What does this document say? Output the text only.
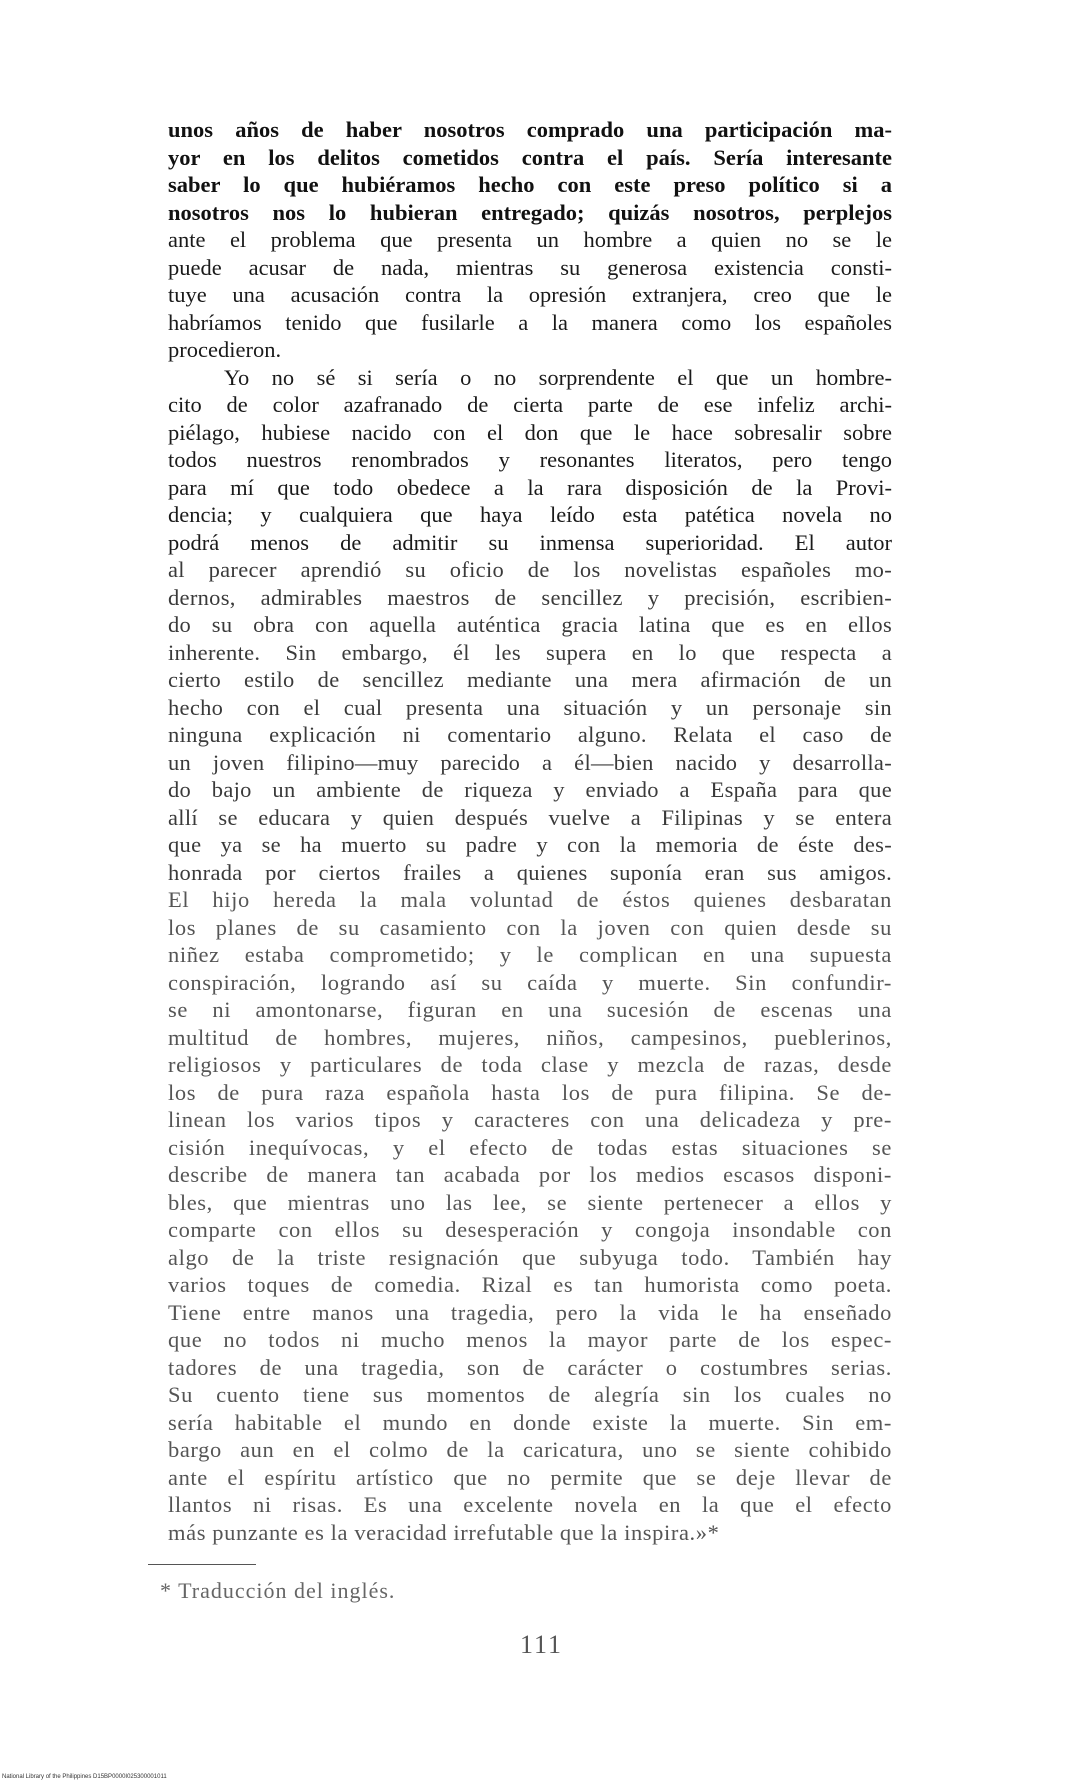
unos años de haber nosotros comprado una participación ma-
yor en los delitos cometidos contra el país. Sería interesante
saber lo que hubiéramos hecho con este preso político si a
nosotros nos lo hubieran entregado; quizás nosotros, perplejos
ante el problema que presenta un hombre a quien no se le
puede acusar de nada, mientras su generosa existencia consti-
tuye una acusación contra la opresión extranjera, creo que le
habríamos tenido que fusilarle a la manera como los españoles
procedieron.
Yo no sé si sería o no sorprendente el que un hombre-
cito de color azafranado de cierta parte de ese infeliz archi-
piélago, hubiese nacido con el don que le hace sobresalir sobre
todos nuestros renombrados y resonantes literatos, pero tengo
para mí que todo obedece a la rara disposición de la Provi-
dencia; y cualquiera que haya leído esta patética novela no
podrá menos de admitir su inmensa superioridad. El autor
al parecer aprendió su oficio de los novelistas españoles mo-
dernos, admirables maestros de sencillez y precisión, escribien-
do su obra con aquella auténtica gracia latina que es en ellos
inherente. Sin embargo, él les supera en lo que respecta a
cierto estilo de sencillez mediante una mera afirmación de un
hecho con el cual presenta una situación y un personaje sin
ninguna explicación ni comentario alguno. Relata el caso de
un joven filipino—muy parecido a él—bien nacido y desarrolla-
do bajo un ambiente de riqueza y enviado a España para que
allí se educara y quien después vuelve a Filipinas y se entera
que ya se ha muerto su padre y con la memoria de éste des-
honrada por ciertos frailes a quienes suponía eran sus amigos.
El hijo hereda la mala voluntad de éstos quienes desbaratan
los planes de su casamiento con la joven con quien desde su
niñez estaba comprometido; y le complican en una supuesta
conspiración, logrando así su caída y muerte. Sin confundir-
se ni amontonarse, figuran en una sucesión de escenas una
multitud de hombres, mujeres, niños, campesinos, pueblerinos,
religiosos y particulares de toda clase y mezcla de razas, desde
los de pura raza española hasta los de pura filipina. Se de-
linean los varios tipos y caracteres con una delicadeza y pre-
cisión inequívocas, y el efecto de todas estas situaciones se
describe de manera tan acabada por los medios escasos disponi-
bles, que mientras uno las lee, se siente pertenecer a ellos y
comparte con ellos su desesperación y congoja insondable con
algo de la triste resignación que subyuga todo. También hay
varios toques de comedia. Rizal es tan humorista como poeta.
Tiene entre manos una tragedia, pero la vida le ha enseñado
que no todos ni mucho menos la mayor parte de los espec-
tadores de una tragedia, son de carácter o costumbres serias.
Su cuento tiene sus momentos de alegría sin los cuales no
sería habitable el mundo en donde existe la muerte. Sin em-
bargo aun en el colmo de la caricatura, uno se siente cohibido
ante el espíritu artístico que no permite que se deje llevar de
llantos ni risas. Es una excelente novela en la que el efecto
más punzante es la veracidad irrefutable que la inspira.»*
* Traducción del inglés.
111
National Library of the Philippines D15BP0000I025300001011
